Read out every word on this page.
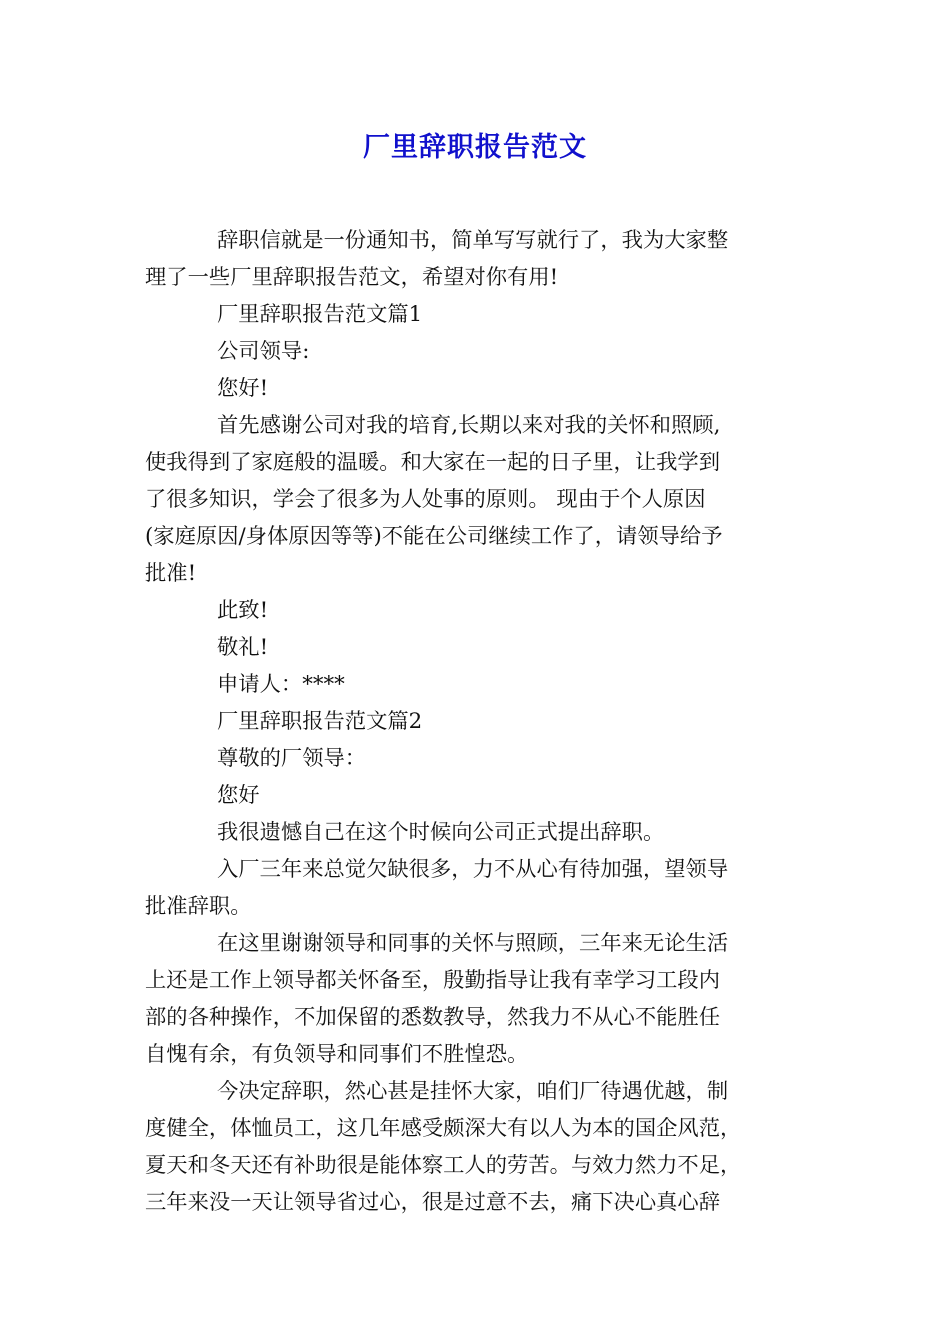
厂里辞职报告范文
辞职信就是一份通知书，简单写写就行了，我为大家整
理了一些厂里辞职报告范文，希望对你有用!
厂里辞职报告范文篇1
公司领导:
您好!
首先感谢公司对我的培育,长期以来对我的关怀和照顾,
使我得到了家庭般的温暖。和大家在一起的日子里，让我学到
了很多知识，学会了很多为人处事的原则。 现由于个人原因
(家庭原因/身体原因等等)不能在公司继续工作了，请领导给予
批准!
此致!
敬礼!
申请人：****
厂里辞职报告范文篇2
尊敬的厂领导：
您好
我很遗憾自己在这个时候向公司正式提出辞职。
入厂三年来总觉欠缺很多，力不从心有待加强，望领导
批准辞职。
在这里谢谢领导和同事的关怀与照顾，三年来无论生活
上还是工作上领导都关怀备至，殷勤指导让我有幸学习工段内
部的各种操作，不加保留的悉数教导，然我力不从心不能胜任
自愧有余，有负领导和同事们不胜惶恐。
今决定辞职，然心甚是挂怀大家，咱们厂待遇优越，制
度健全，体恤员工，这几年感受颇深大有以人为本的国企风范，
夏天和冬天还有补助很是能体察工人的劳苦。与效力然力不足，
三年来没一天让领导省过心，很是过意不去，痛下决心真心辞
